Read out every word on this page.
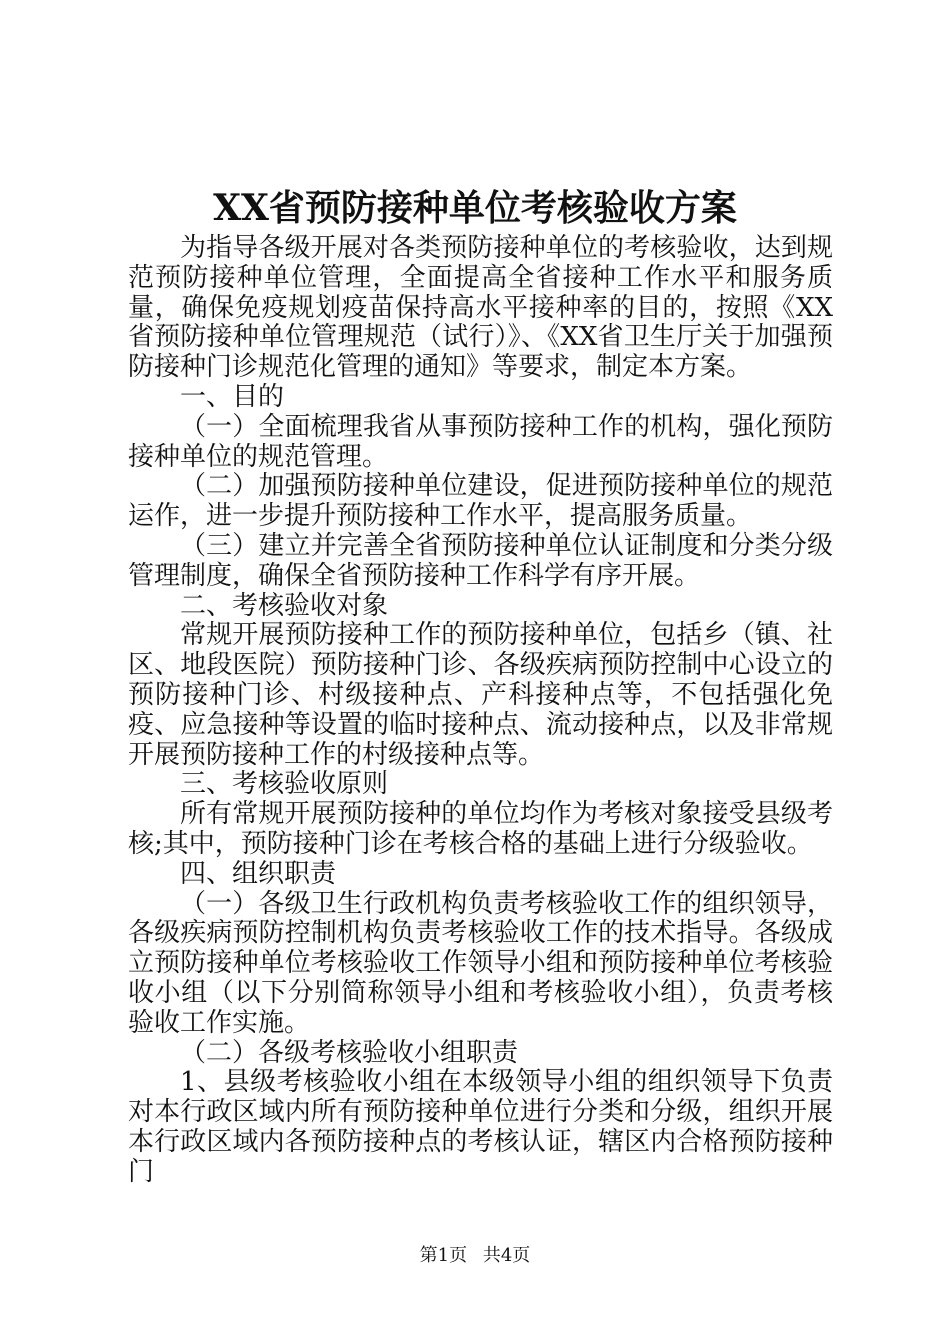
XX省预防接种单位考核验收方案

为指导各级开展对各类预防接种单位的考核验收，达到规范预防接种单位管理，全面提高全省接种工作水平和服务质量，确保免疫规划疫苗保持高水平接种率的目的，按照《XX省预防接种单位管理规范（试行）》、《XX省卫生厅关于加强预防接种门诊规范化管理的通知》等要求，制定本方案。

一、目的

（一）全面梳理我省从事预防接种工作的机构，强化预防接种单位的规范管理。

（二）加强预防接种单位建设，促进预防接种单位的规范运作，进一步提升预防接种工作水平，提高服务质量。

（三）建立并完善全省预防接种单位认证制度和分类分级管理制度，确保全省预防接种工作科学有序开展。

二、考核验收对象

常规开展预防接种工作的预防接种单位，包括乡（镇、社区、地段医院）预防接种门诊、各级疾病预防控制中心设立的预防接种门诊、村级接种点、产科接种点等，不包括强化免疫、应急接种等设置的临时接种点、流动接种点，以及非常规开展预防接种工作的村级接种点等。

三、考核验收原则

所有常规开展预防接种的单位均作为考核对象接受县级考核;其中，预防接种门诊在考核合格的基础上进行分级验收。

四、组织职责

（一）各级卫生行政机构负责考核验收工作的组织领导，各级疾病预防控制机构负责考核验收工作的技术指导。各级成立预防接种单位考核验收工作领导小组和预防接种单位考核验收小组（以下分别简称领导小组和考核验收小组），负责考核验收工作实施。

（二）各级考核验收小组职责

1、县级考核验收小组在本级领导小组的组织领导下负责对本行政区域内所有预防接种单位进行分类和分级，组织开展本行政区域内各预防接种点的考核认证，辖区内合格预防接种门

第1页 共4页
